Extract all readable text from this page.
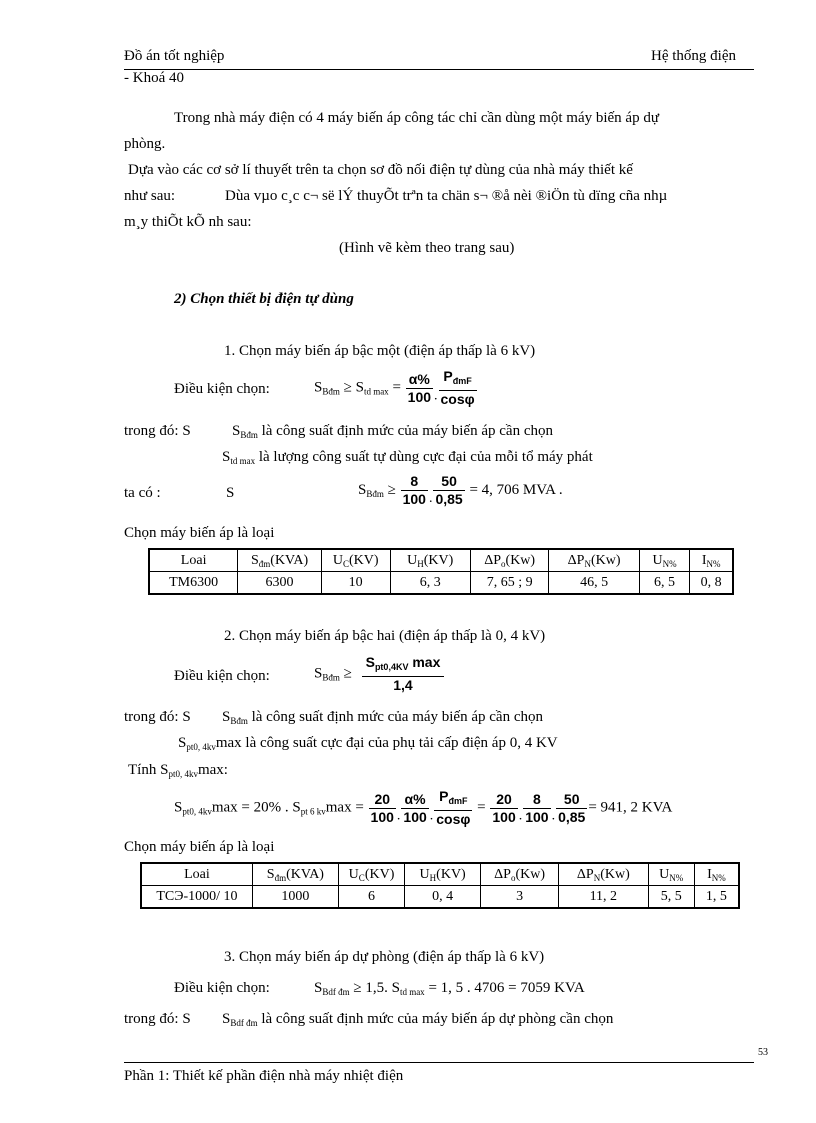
Đồ án tốt nghiệp	Hệ thống điện
- Khoá 40
Trong nhà máy điện có 4 máy biến áp công tác chỉ cần dùng một máy biến áp dự
phòng.
Dựa vào các cơ sở lí thuyết trên ta chọn sơ đồ nối điện tự dùng của nhà máy thiết kế
như sau:	Dùa vµo c¸c c¬ së lÝ thuyÕt trªn ta chän s¬ ®å nèi ®iÖn tù dïng cña nhµ
m¸y thiÕt kÕ nh sau:
(Hình vẽ kèm theo trang sau)
2) Chọn thiết bị điện tự dùng
1. Chọn máy biến áp bậc một (điện áp thấp là 6 kV)
Điều kiện chọn:	$S_{Bđm} \ge S_{td max} = \frac{\alpha\%}{100}$ . $\frac{P_{đmF}}{\cos\varphi}$
trong đó: S	$S_{Bđm}$ là công suất định mức của máy biến áp cần chọn
$S_{td max}$ là lượng công suất tự dùng cực đại của mỗi tổ máy phát
ta có :	S	$S_{Bđm} \ge \frac{8}{100}$ . $\frac{50}{0,85} = 4$, 706 MVA .
Chọn máy biến áp là loại
Loai	$S_{đm}(KVA)$	$U_C(KV)$	$U_H(KV)$	$\Delta P_o(Kw)$	$\Delta P_N(Kw)$	$U_{N\%}$	$I_{N\%}$
TM6300	6300	10	6, 3	7, 65 ; 9	46, 5	6, 5	0, 8
2. Chọn máy biến áp bậc hai (điện áp thấp là 0, 4 kV)
Điều kiện chọn:	$S_{Bđm} \ge \frac{S_{pt0,4KV} \max}{1,4}$
trong đó: S $S_{Bđm}$ là công suất định mức của máy biến áp cần chọn
$S_{pt0, 4kv}\max$ là công suất cực đại của phụ tải cấp điện áp 0, 4 KV
Tính $S_{pt0, 4kv}\max$:
$S_{pt0, 4kv}\max = 20\%$ . $S_{pt 6 kv}\max = \frac{20}{100}$ . $\frac{\alpha\%}{100}$ . $\frac{P_{đmF}}{\cos\varphi} = \frac{20}{100}$ . $\frac{8}{100}$ . $\frac{50}{0,85} = 941$, 2 KVA
Chọn máy biến áp là loại
Loai	$S_{đm}(KVA)$	$U_C(KV)$	$U_H(KV)$	$\Delta P_o(Kw)$	$\Delta P_N(Kw)$	$U_{N\%}$	$I_{N\%}$
TCЭ-1000/ 10	1000	6	0, 4	3	11, 2	5, 5	1, 5
3. Chọn máy biến áp dự phòng (điện áp thấp là 6 kV)
Điều kiện chọn:	$S_{Bdf đm} \ge 1,5$. $S_{td max} = 1$, 5 . 4706 = 7059 KVA
trong đó: S $S_{Bdf đm}$ là công suất định mức của máy biến áp dự phòng cần chọn
53
Phần 1: Thiết kế phần điện nhà máy nhiệt điện
